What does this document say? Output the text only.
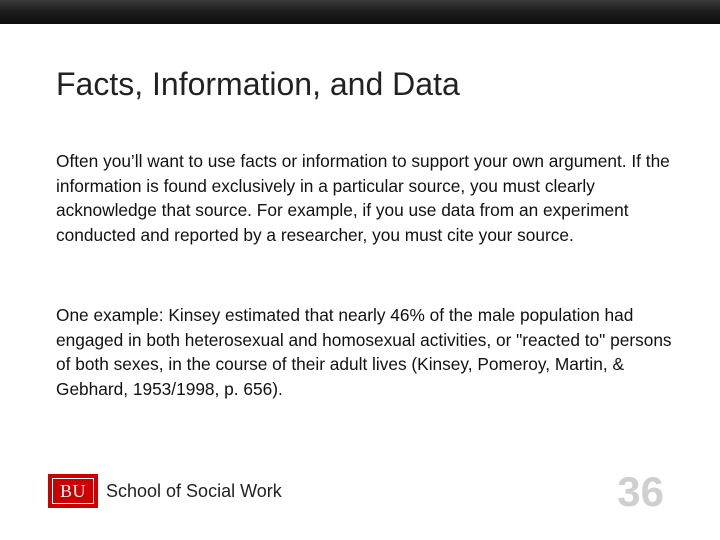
Facts, Information, and Data

Often you’ll want to use facts or information to support your own argument. If the information is found exclusively in a particular source, you must clearly acknowledge that source. For example, if you use data from an experiment conducted and reported by a researcher, you must cite your source.

One example: Kinsey estimated that nearly 46% of the male population had engaged in both heterosexual and homosexual activities, or "reacted to" persons of both sexes, in the course of their adult lives (Kinsey, Pomeroy, Martin, & Gebhard, 1953/1998, p. 656).

BU	School of Social Work	36
